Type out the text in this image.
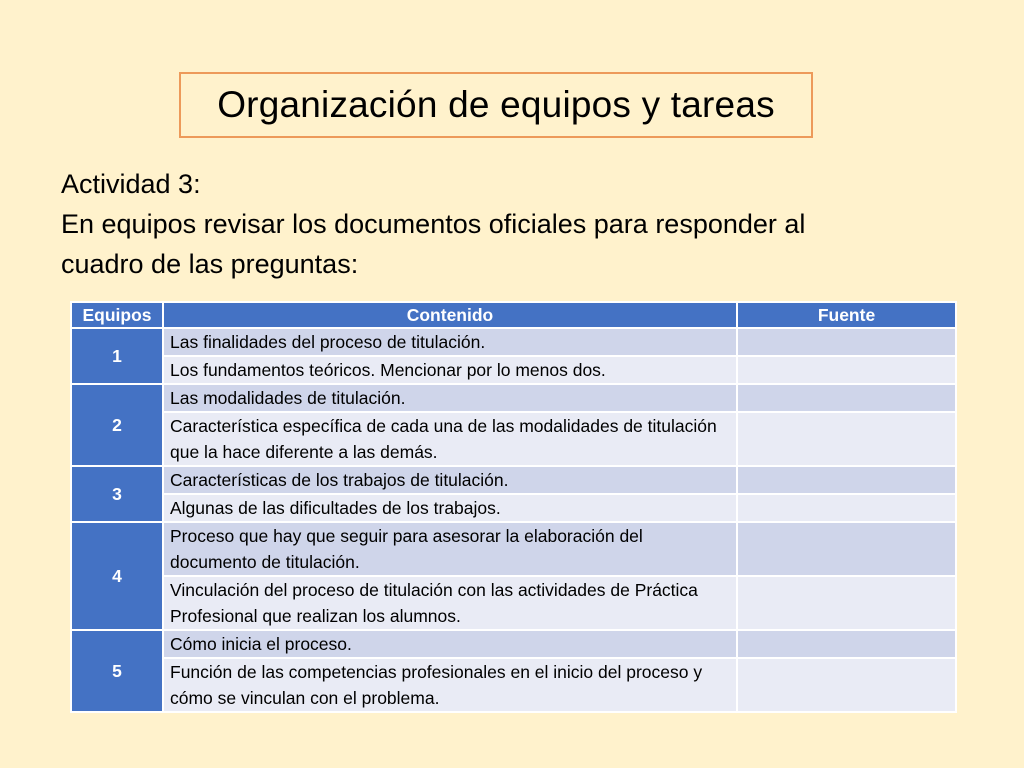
Organización de equipos y tareas
Actividad 3:
En equipos revisar los documentos oficiales para responder al
cuadro de las preguntas:
Equipos	Contenido	Fuente
1	Las finalidades del proceso de titulación.	
	Los fundamentos teóricos. Mencionar por lo menos dos.	
2	Las modalidades de titulación.	
	Característica específica de cada una de las modalidades de titulación que la hace diferente a las demás.	
3	Características de los trabajos de titulación.	
	Algunas de las dificultades de los trabajos.	
4	Proceso que hay que seguir para asesorar la elaboración del documento de titulación.	
	Vinculación del proceso de titulación con las actividades de Práctica Profesional que realizan los alumnos.	
5	Cómo inicia el proceso.	
	Función de las competencias profesionales en el inicio del proceso y cómo se vinculan con el problema.	
